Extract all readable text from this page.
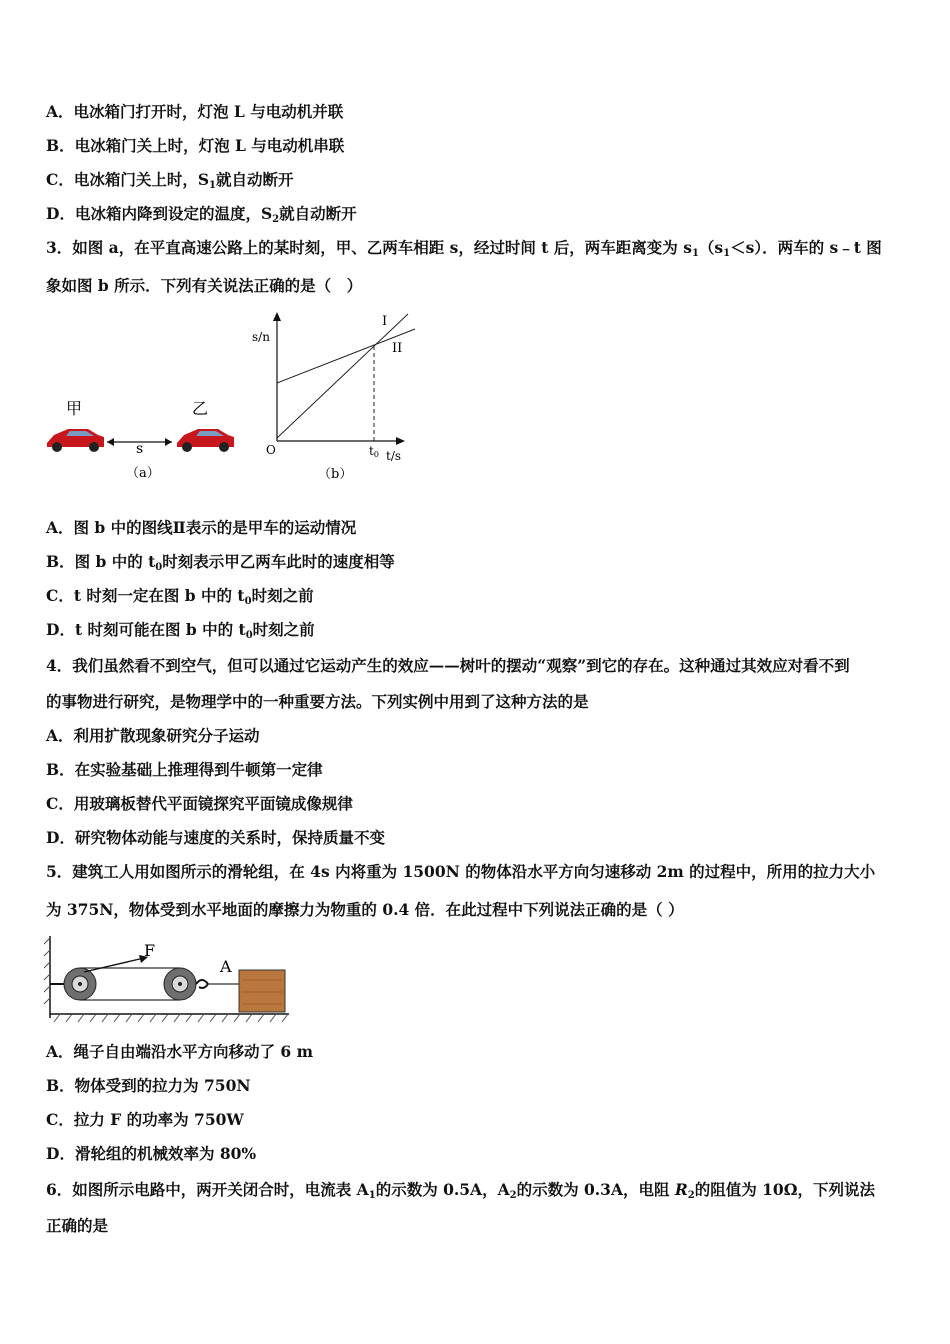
A．电冰箱门打开时，灯泡 L 与电动机并联
B．电冰箱门关上时，灯泡 L 与电动机串联
C．电冰箱门关上时，$S_1$就自动断开
D．电冰箱内降到设定的温度，$S_2$就自动断开
3．如图 a，在平直高速公路上的某时刻，甲、乙两车相距 s，经过时间 t 后，两车距离变为 $s_1(s_1<s)$．两车的 s﹣t 图
象如图 b 所示．下列有关说法正确的是（　）
甲	乙
s
（a）
s/n
I
II
O	t0 t/s
（b）
A．图 b 中的图线Ⅱ表示的是甲车的运动情况
B．图 b 中的 $t_0$时刻表示甲乙两车此时的速度相等
C．t 时刻一定在图 b 中的 $t_0$时刻之前
D．t 时刻可能在图 b 中的 $t_0$时刻之前
4．我们虽然看不到空气，但可以通过它运动产生的效应——树叶的摆动“观察”到它的存在。这种通过其效应对看不到
的事物进行研究，是物理学中的一种重要方法。下列实例中用到了这种方法的是
A．利用扩散现象研究分子运动
B．在实验基础上推理得到牛顿第一定律
C．用玻璃板替代平面镜探究平面镜成像规律
D．研究物体动能与速度的关系时，保持质量不变
5．建筑工人用如图所示的滑轮组，在 4s 内将重为 1500N 的物体沿水平方向匀速移动 2m 的过程中，所用的拉力大小
为 375N，物体受到水平地面的摩擦力为物重的 0.4 倍．在此过程中下列说法正确的是（ ）
F
A
A．绳子自由端沿水平方向移动了 6 m
B．物体受到的拉力为 750N
C．拉力 F 的功率为 750W
D．滑轮组的机械效率为 80%
6．如图所示电路中，两开关闭合时，电流表 $A_1$的示数为 0.5A，$A_2$的示数为 0.3A，电阻 $R_2$的阻值为 10Ω，下列说法
正确的是
